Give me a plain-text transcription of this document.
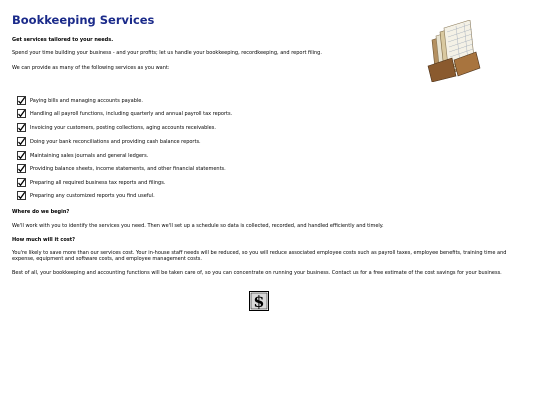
Bookkeeping Services
Get services tailored to your needs.
Spend your time building your business - and your profits; let us handle your bookkeeping, recordkeeping, and report filing.
We can provide as many of the following services as you want:
Paying bills and managing accounts payable.
Handling all payroll functions, including quarterly and annual payroll tax reports.
Invoicing your customers, posting collections, aging accounts receivables.
Doing your bank reconciliations and providing cash balance reports.
Maintaining sales journals and general ledgers.
Providing balance sheets, income statements, and other financial statements.
Preparing all required business tax reports and filings.
Preparing any customized reports you find useful.
Where do we begin?
We'll work with you to identify the services you need. Then we'll set up a schedule so data is collected, recorded, and handled efficiently and timely.
How much will it cost?
You're likely to save more than our services cost. Your in-house staff needs will be reduced, so you will reduce associated employee costs such as payroll taxes, employee benefits, training time and expense, equipment and software costs, and employee management costs.
Best of all, your bookkeeping and accounting functions will be taken care of, so you can concentrate on running your business. Contact us for a free estimate of the cost savings for your business.
$
